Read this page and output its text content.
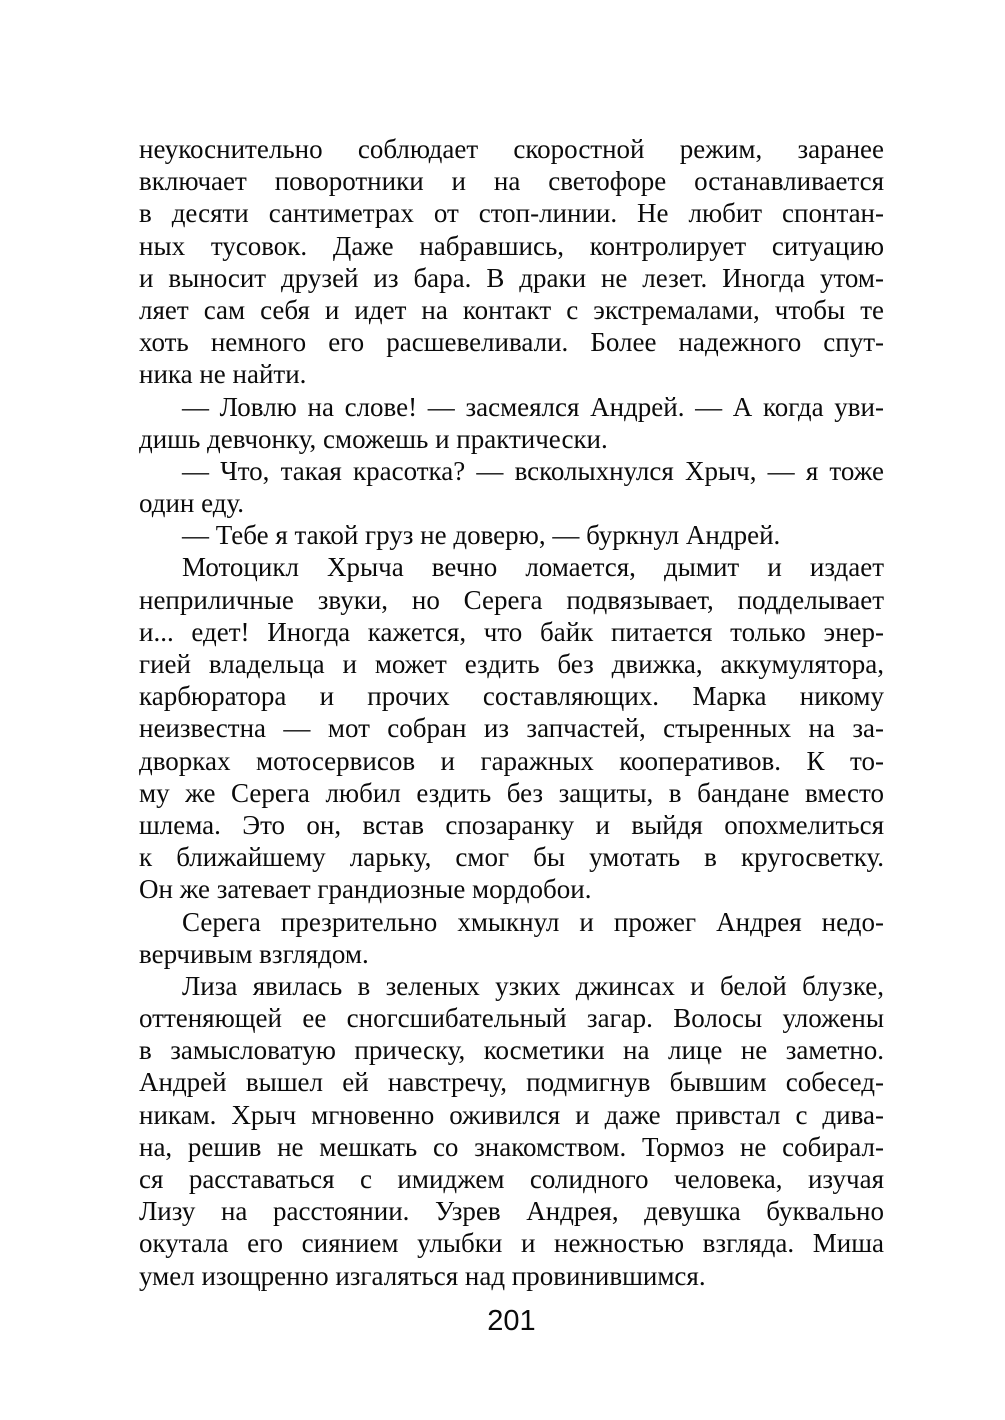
неукоснительно соблюдает скоростной режим, заранее
включает поворотники и на светофоре останавливается
в десяти сантиметрах от стоп-линии. Не любит спонтан-
ных тусовок. Даже набравшись, контролирует ситуацию
и выносит друзей из бара. В драки не лезет. Иногда утом-
ляет сам себя и идет на контакт с экстремалами, чтобы те
хоть немного его расшевеливали. Более надежного спут-
ника не найти.
— Ловлю на слове! — засмеялся Андрей. — А когда уви-
дишь девчонку, сможешь и практически.
— Что, такая красотка? — всколыхнулся Хрыч, — я тоже
один еду.
— Тебе я такой груз не доверю, — буркнул Андрей.
Мотоцикл Хрыча вечно ломается, дымит и издает
неприличные звуки, но Серега подвязывает, подделывает
и... едет! Иногда кажется, что байк питается только энер-
гией владельца и может ездить без движка, аккумулятора,
карбюратора и прочих составляющих. Марка никому
неизвестна — мот собран из запчастей, стыренных на за-
дворках мотосервисов и гаражных кооперативов. К то-
му же Серега любил ездить без защиты, в бандане вместо
шлема. Это он, встав спозаранку и выйдя опохмелиться
к ближайшему ларьку, смог бы умотать в кругосветку.
Он же затевает грандиозные мордобои.
Серега презрительно хмыкнул и прожег Андрея недо-
верчивым взглядом.
Лиза явилась в зеленых узких джинсах и белой блузке,
оттеняющей ее сногсшибательный загар. Волосы уложены
в замысловатую прическу, косметики на лице не заметно.
Андрей вышел ей навстречу, подмигнув бывшим собесед-
никам. Хрыч мгновенно оживился и даже привстал с дива-
на, решив не мешкать со знакомством. Тормоз не собирал-
ся расставаться с имиджем солидного человека, изучая
Лизу на расстоянии. Узрев Андрея, девушка буквально
окутала его сиянием улыбки и нежностью взгляда. Миша
умел изощренно изгаляться над провинившимся.
201
